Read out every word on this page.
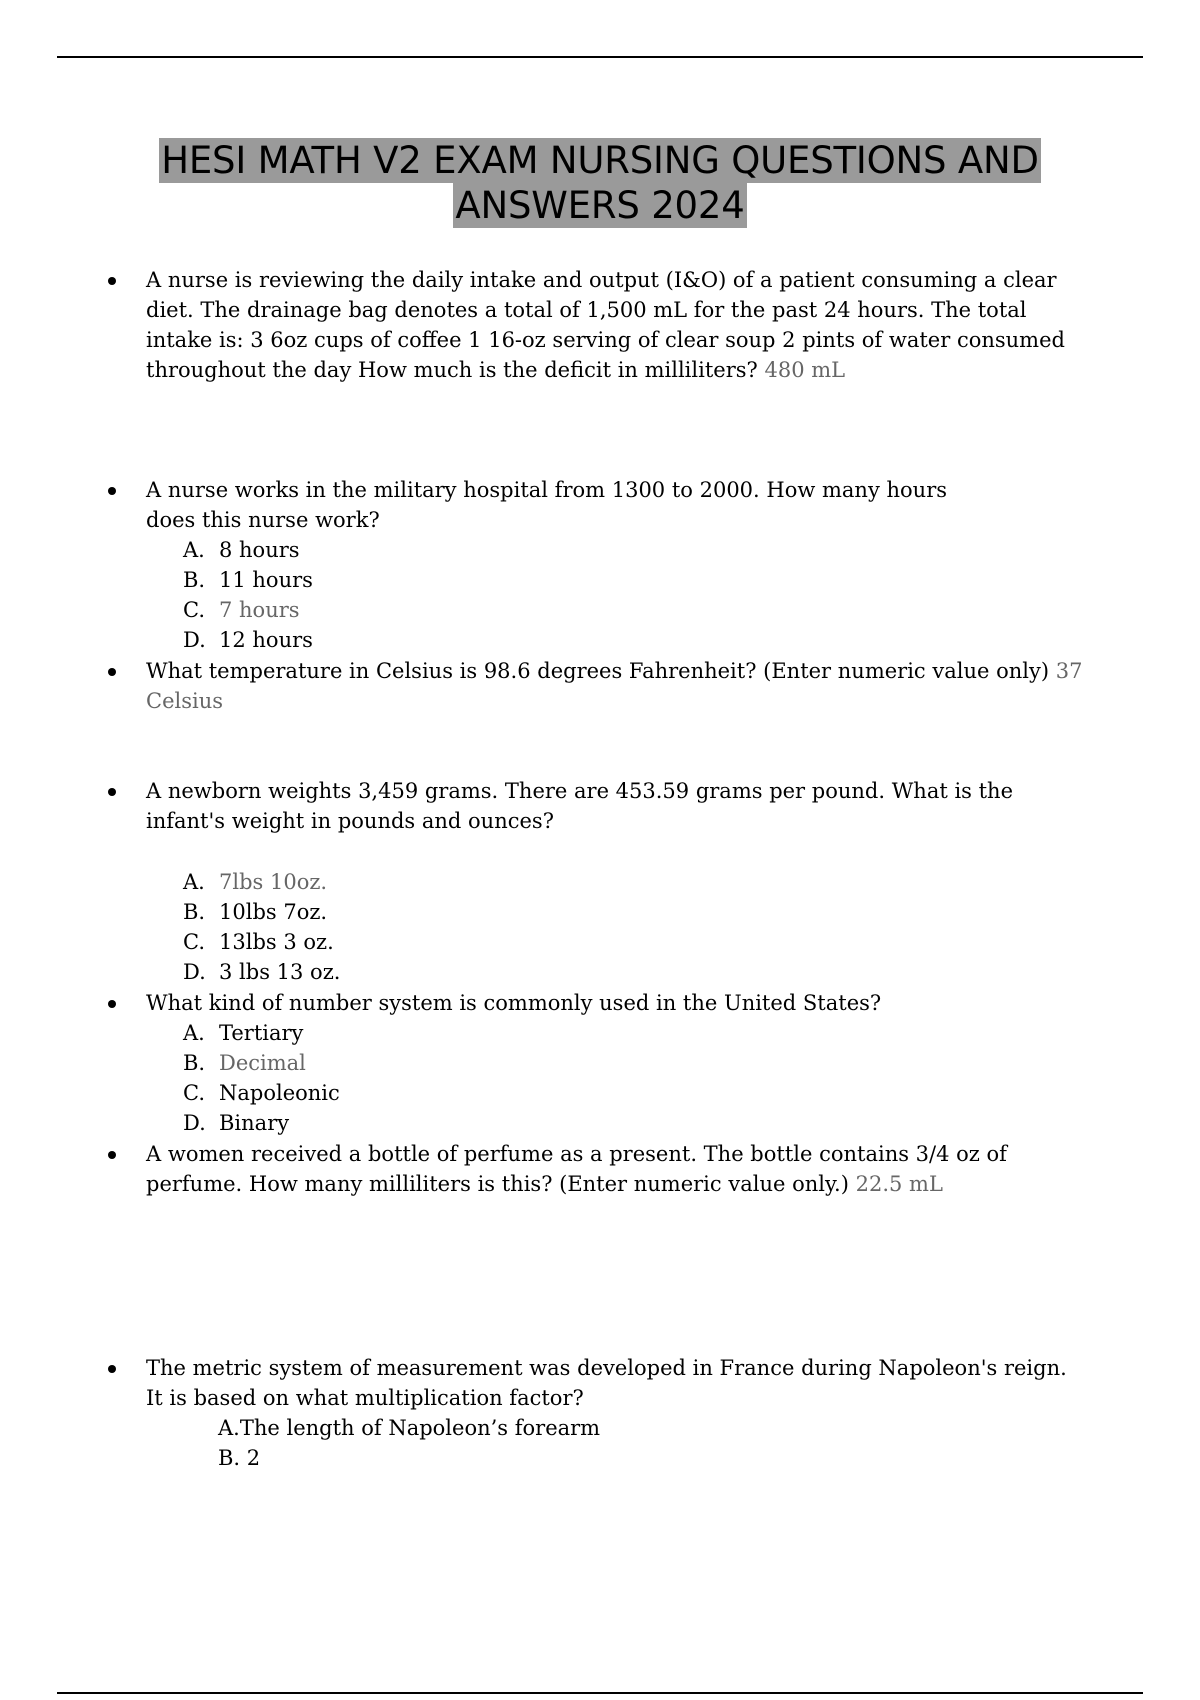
HESI MATH V2 EXAM NURSING QUESTIONS AND
ANSWERS 2024

A nurse is reviewing the daily intake and output (I&O) of a patient consuming a clear diet. The drainage bag denotes a total of 1,500 mL for the past 24 hours. The total intake is: 3 6oz cups of coffee 1 16-oz serving of clear soup 2 pints of water consumed throughout the day How much is the deficit in milliliters? 480 mL

A nurse works in the military hospital from 1300 to 2000. How many hours does this nurse work?

A. 8 hours
B. 11 hours
C. 7 hours
D. 12 hours

What temperature in Celsius is 98.6 degrees Fahrenheit? (Enter numeric value only) 37 Celsius

A newborn weights 3,459 grams. There are 453.59 grams per pound. What is the infant's weight in pounds and ounces?

A. 7lbs 10oz.
B. 10lbs 7oz.
C. 13lbs 3 oz.
D. 3 lbs 13 oz.

What kind of number system is commonly used in the United States?

A. Tertiary
B. Decimal
C. Napoleonic
D. Binary

A women received a bottle of perfume as a present. The bottle contains 3/4 oz of perfume. How many milliliters is this? (Enter numeric value only.) 22.5 mL

The metric system of measurement was developed in France during Napoleon's reign. It is based on what multiplication factor?

A.The length of Napoleon’s forearm
B. 2
